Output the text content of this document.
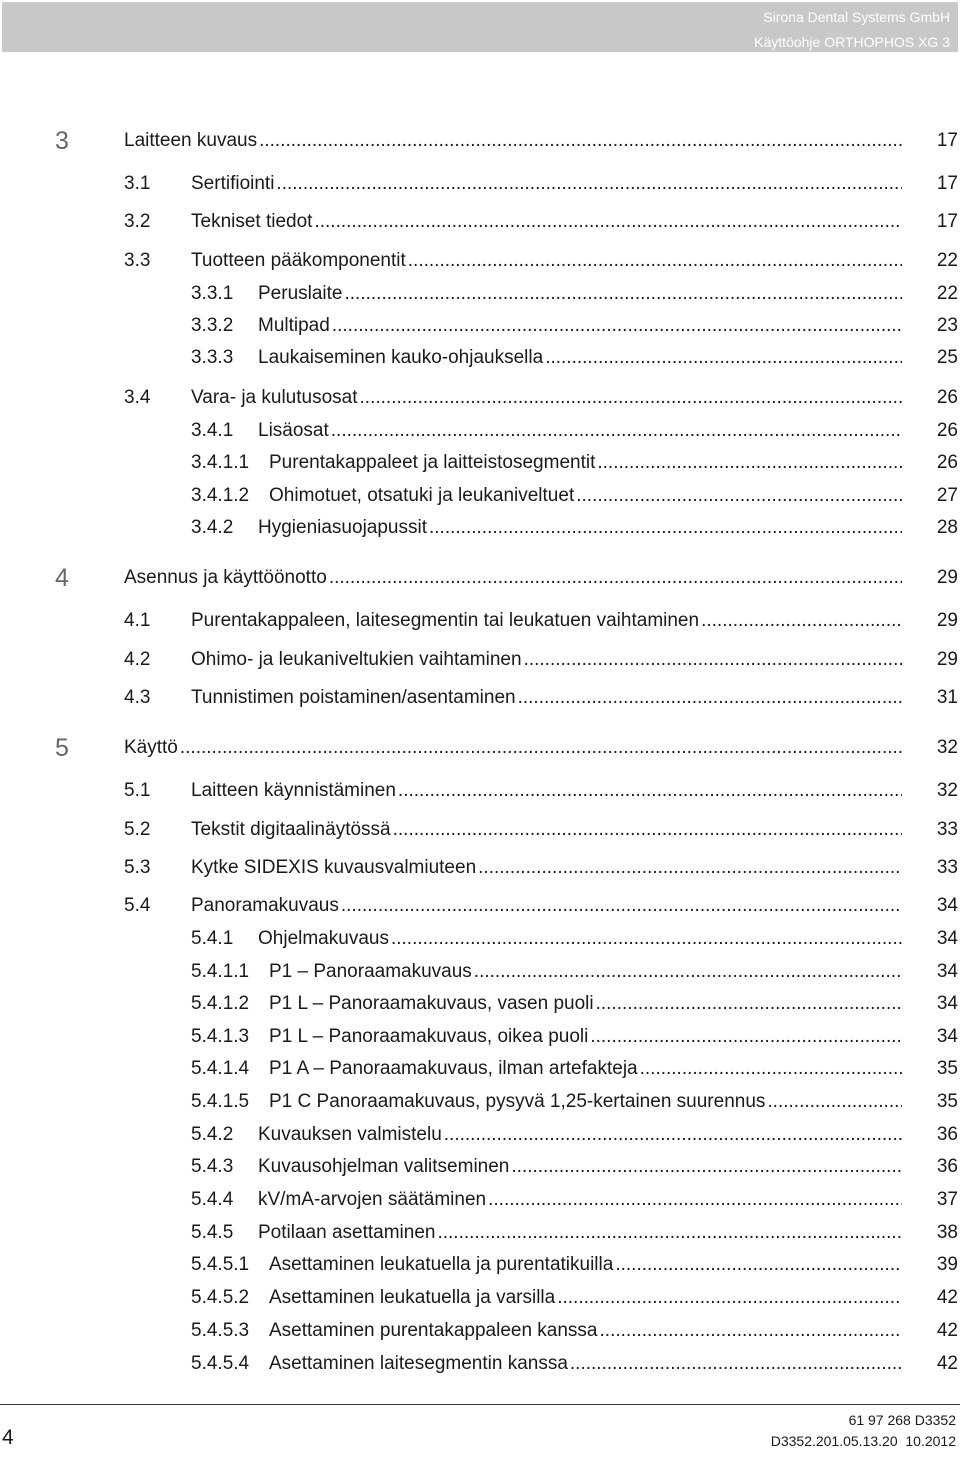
Sirona Dental Systems GmbH
Käyttöohje ORTHOPHOS XG 3
3	Laitteen kuvaus .....	17
3.1 Sertifiointi .....	17
3.2 Tekniset tiedot .....	17
3.3 Tuotteen pääkomponentit .....	22
3.3.1 Peruslaite .....	22
3.3.2 Multipad .....	23
3.3.3 Laukaiseminen kauko-ohjauksella .....	25
3.4 Vara- ja kulutusosat .....	26
3.4.1 Lisäosat .....	26
3.4.1.1 Purentakappaleet ja laitteistosegmentit .....	26
3.4.1.2 Ohimotuet, otsatuki ja leukaniveltuet .....	27
3.4.2 Hygieniasuojapussit .....	28
4	Asennus ja käyttöönotto .....	29
4.1 Purentakappaleen, laitesegmentin tai leukatuen vaihtaminen .....	29
4.2 Ohimo- ja leukaniveltukien vaihtaminen .....	29
4.3 Tunnistimen poistaminen/asentaminen .....	31
5	Käyttö .....	32
5.1 Laitteen käynnistäminen .....	32
5.2 Tekstit digitaalinäytössä .....	33
5.3 Kytke SIDEXIS kuvausvalmiuteen .....	33
5.4 Panoramakuvaus .....	34
5.4.1 Ohjelmakuvaus .....	34
5.4.1.1 P1 – Panoraamakuvaus .....	34
5.4.1.2 P1 L – Panoraamakuvaus, vasen puoli .....	34
5.4.1.3 P1 L – Panoraamakuvaus, oikea puoli .....	34
5.4.1.4 P1 A – Panoraamakuvaus, ilman artefakteja .....	35
5.4.1.5 P1 C Panoraamakuvaus, pysyvä 1,25-kertainen suurennus .....	35
5.4.2 Kuvauksen valmistelu .....	36
5.4.3 Kuvausohjelman valitseminen .....	36
5.4.4 kV/mA-arvojen säätäminen .....	37
5.4.5 Potilaan asettaminen .....	38
5.4.5.1 Asettaminen leukatuella ja purentatikuilla .....	39
5.4.5.2 Asettaminen leukatuella ja varsilla .....	42
5.4.5.3 Asettaminen purentakappaleen kanssa .....	42
5.4.5.4 Asettaminen laitesegmentin kanssa .....	42
4
61 97 268 D3352
D3352.201.05.13.20 10.2012
